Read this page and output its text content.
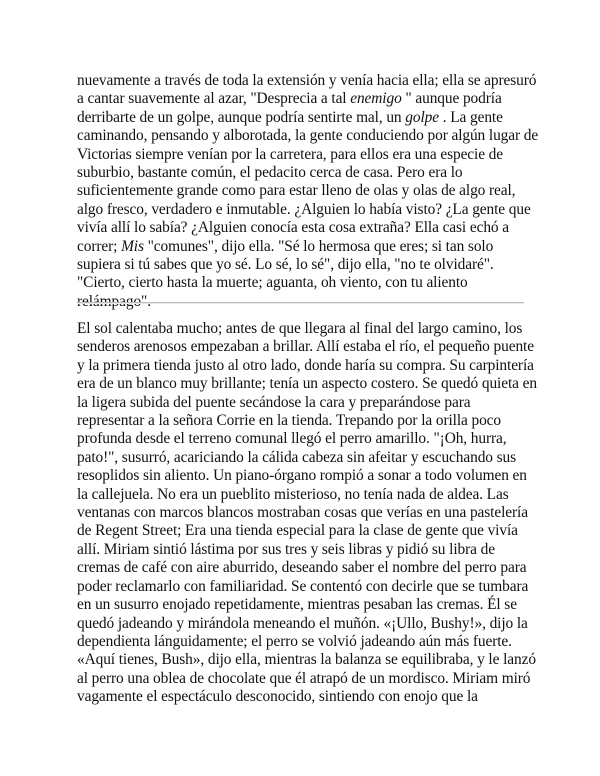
nuevamente a través de toda la extensión y venía hacia ella; ella se apresuró
a cantar suavemente al azar, "Desprecia a tal enemigo " aunque podría
derribarte de un golpe, aunque podría sentirte mal, un golpe . La gente
caminando, pensando y alborotada, la gente conduciendo por algún lugar de
Victorias siempre venían por la carretera, para ellos era una especie de
suburbio, bastante común, el pedacito cerca de casa. Pero era lo
suficientemente grande como para estar lleno de olas y olas de algo real,
algo fresco, verdadero e inmutable. ¿Alguien lo había visto? ¿La gente que
vivía allí lo sabía? ¿Alguien conocía esta cosa extraña? Ella casi echó a
correr; Mis "comunes", dijo ella. "Sé lo hermosa que eres; si tan solo
supiera si tú sabes que yo sé. Lo sé, lo sé", dijo ella, "no te olvidaré".
"Cierto, cierto hasta la muerte; aguanta, oh viento, con tu aliento
relámpago".

El sol calentaba mucho; antes de que llegara al final del largo camino, los
senderos arenosos empezaban a brillar. Allí estaba el río, el pequeño puente
y la primera tienda justo al otro lado, donde haría su compra. Su carpintería
era de un blanco muy brillante; tenía un aspecto costero. Se quedó quieta en
la ligera subida del puente secándose la cara y preparándose para
representar a la señora Corrie en la tienda. Trepando por la orilla poco
profunda desde el terreno comunal llegó el perro amarillo. "¡Oh, hurra,
pato!", susurró, acariciando la cálida cabeza sin afeitar y escuchando sus
resoplidos sin aliento. Un piano-órgano rompió a sonar a todo volumen en
la callejuela. No era un pueblito misterioso, no tenía nada de aldea. Las
ventanas con marcos blancos mostraban cosas que verías en una pastelería
de Regent Street; Era una tienda especial para la clase de gente que vivía
allí. Miriam sintió lástima por sus tres y seis libras y pidió su libra de
cremas de café con aire aburrido, deseando saber el nombre del perro para
poder reclamarlo con familiaridad. Se contentó con decirle que se tumbara
en un susurro enojado repetidamente, mientras pesaban las cremas. Él se
quedó jadeando y mirándola meneando el muñón. «¡Ullo, Bushy!», dijo la
dependienta lánguidamente; el perro se volvió jadeando aún más fuerte.
«Aquí tienes, Bush», dijo ella, mientras la balanza se equilibraba, y le lanzó
al perro una oblea de chocolate que él atrapó de un mordisco. Miriam miró
vagamente el espectáculo desconocido, sintiendo con enojo que la
